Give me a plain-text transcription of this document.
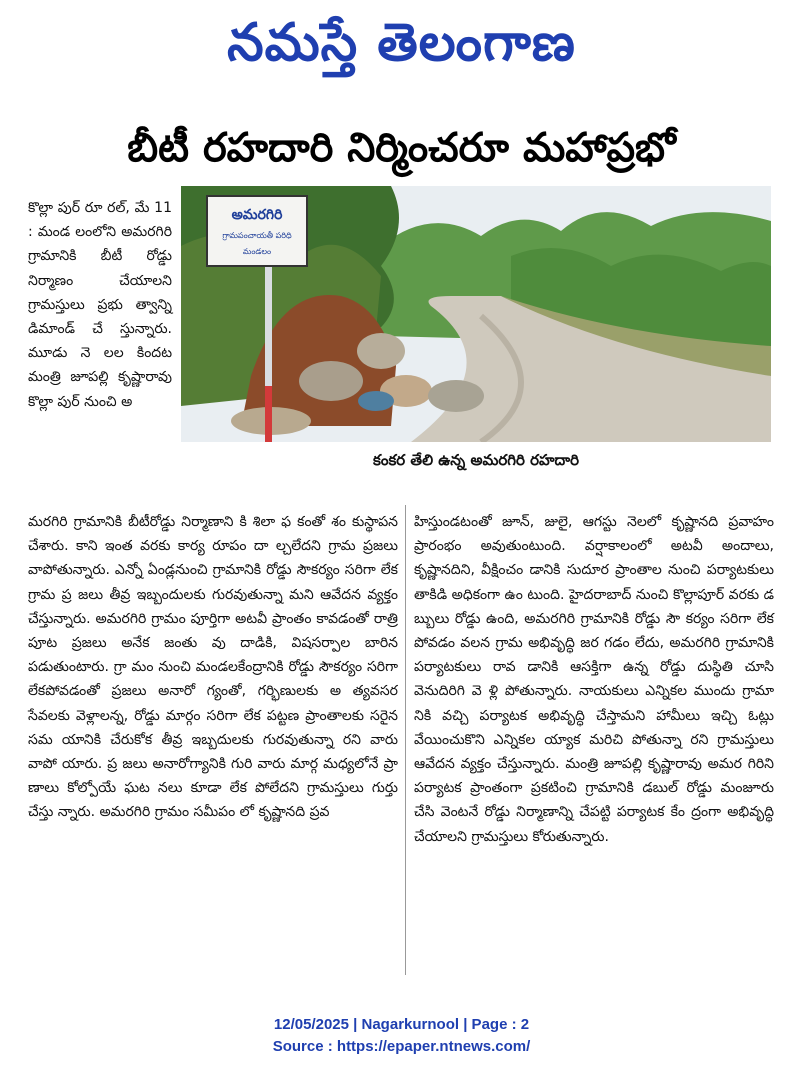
నమస్తే తెలంగాణ
బీటీ రహదారి నిర్మించరూ మహాప్రభో
కొల్లా పుర్ రూ రల్, మే 11 : మండ లంలోని అమరగిరి గ్రామానికి బీటీ రోడ్డు నిర్మాణం చేయాలని గ్రామస్తులు ప్రభు త్వాన్ని డిమాండ్ చే స్తున్నారు. మూడు నె లల కిందట మంత్రి జూపల్లి కృష్ణారావు కొల్లా పుర్ నుంచి అ
అమరగిరి
గ్రామపంచాయతీ పరిధి
మండలం
కంకర తేలి ఉన్న అమరగిరి రహదారి
మరగిరి గ్రామానికి బీటీరోడ్డు నిర్మాణాని కి శిలా ఫ కంతో శం కుస్థాపన చేశారు. కాని ఇంత వరకు కార్య రూపం దా ల్చలేదని గ్రామ ప్రజలు వాపోతున్నారు. ఎన్నో ఏండ్లనుంచి గ్రామానికి రోడ్డు సౌకర్యం సరిగా లేక గ్రామ ప్ర జలు తీవ్ర ఇబ్బందులకు గురవుతున్నా మని ఆవేదన వ్యక్తం చేస్తున్నారు. అమరగిరి గ్రామం పూర్తిగా అటవీ ప్రాంతం కావడంతో రాత్రి పూట ప్రజలు అనేక జంతు వు దాడికి, విషసర్పాల బారిన పడుతుంటారు. గ్రా మం నుంచి మండలకేంద్రానికి రోడ్డు సౌకర్యం సరిగా లేకపోవడంతో ప్రజలు అనారో గ్యంతో, గర్భిణులకు అ త్యవసర సేవలకు వెళ్లాలన్న, రోడ్డు మార్గం సరిగా లేక పట్టణ ప్రాంతాలకు సరైన సమ యానికి చేరుకోక తీవ్ర ఇబ్బదులకు గురవుతున్నా రని వారు వాపో యారు. ప్ర జలు అనారోగ్యానికి గురి వారు మార్గ మధ్యలోనే ప్రా ణాలు కోల్పోయే ఘట నలు కూడా లేక పోలేదని గ్రామస్తులు గుర్తు చేస్తు న్నారు. అమరగిరి గ్రామం సమీపం లో కృష్ణానది ప్రవ
హిస్తుండటంతో జూన్, జులై, ఆగస్టు నెలలో కృష్ణానది ప్రవాహం ప్రారంభం అవుతుంటుంది. వర్షాకాలంలో అటవీ అందాలు, కృష్ణానదిని, వీక్షించం డానికి సుదూర ప్రాంతాల నుంచి పర్యాటకులు తాకిడి అధికంగా ఉం టుంది. హైదరాబాద్ నుంచి కొల్లాపూర్ వరకు డ బ్బులు రోడ్డు ఉంది, అమరగిరి గ్రామానికి రోడ్డు సౌ కర్యం సరిగా లేక పోవడం వలన గ్రామ అభివృద్ధి జర గడం లేదు, అమరగిరి గ్రామానికి పర్యాటకులు రావ డానికి ఆసక్తిగా ఉన్న రోడ్డు దుస్థితి చూసి వెనుదిరిగి వె ళ్లి పోతున్నారు. నాయకులు ఎన్నికల ముందు గ్రామా నికి వచ్చి పర్యాటక అభివృద్ధి చేస్తామని హామీలు ఇచ్చి ఓట్లు వేయించుకొని ఎన్నికల య్యాక మరిచి పోతున్నా రని గ్రామస్తులు ఆవేదన వ్యక్తం చేస్తున్నారు. మంత్రి జూపల్లి కృష్ణారావు అమర గిరిని పర్యాటక ప్రాంతంగా ప్రకటించి గ్రామానికి డబుల్ రోడ్డు మంజూరు చేసి వెంటనే రోడ్డు నిర్మాణాన్ని చేపట్టి పర్యాటక కేం ద్రంగా అభివృద్ధి చేయాలని గ్రామస్తులు కోరుతున్నారు.
12/05/2025 | Nagarkurnool | Page : 2
Source : https://epaper.ntnews.com/
